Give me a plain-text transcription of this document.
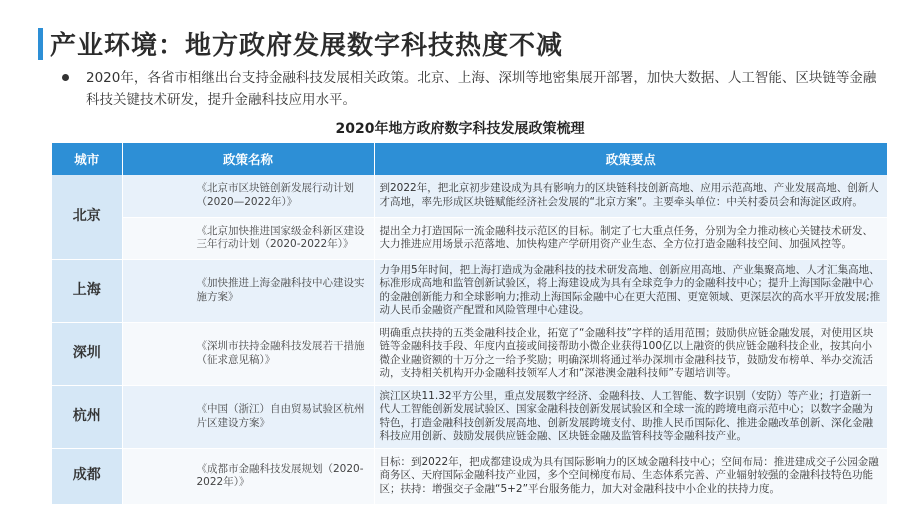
产业环境：地方政府发展数字科技热度不减
2020年，各省市相继出台支持金融科技发展相关政策。北京、上海、深圳等地密集展开部署，加快大数据、人工智能、区块链等金融科技关键技术研发，提升金融科技应用水平。
2020年地方政府数字科技发展政策梳理
城市	政策名称	政策要点
北京	《北京市区块链创新发展行动计划（2020—2022年）》	到2022年，把北京初步建设成为具有影响力的区块链科技创新高地、应用示范高地、产业发展高地、创新人才高地，率先形成区块链赋能经济社会发展的“北京方案”。主要牵头单位：中关村委员会和海淀区政府。
	《北京加快推进国家级金科新区建设三年行动计划（2020-2022年）》	提出全力打造国际一流金融科技示范区的目标。制定了七大重点任务，分别为全力推动核心关键技术研发、大力推进应用场景示范落地、加快构建产学研用资产业生态、全方位打造金融科技空间、加强风控等。
上海	《加快推进上海金融科技中心建设实施方案》	力争用5年时间，把上海打造成为金融科技的技术研发高地、创新应用高地、产业集聚高地、人才汇集高地、标准形成高地和监管创新试验区，将上海建设成为具有全球竞争力的金融科技中心；提升上海国际金融中心的金融创新能力和全球影响力;推动上海国际金融中心在更大范围、更宽领域、更深层次的高水平开放发展;推动人民币金融资产配置和风险管理中心建设。
深圳	《深圳市扶持金融科技发展若干措施（征求意见稿）》	明确重点扶持的五类金融科技企业，拓宽了“金融科技”字样的适用范围；鼓励供应链金融发展，对使用区块链等金融科技手段、年度内直接或间接帮助小微企业获得100亿以上融资的供应链金融科技企业，按其向小微企业融资额的十万分之一给予奖励；明确深圳将通过举办深圳市金融科技节，鼓励发布榜单、举办交流活动，支持相关机构开办金融科技领军人才和“深港澳金融科技师”专题培训等。
杭州	《中国（浙江）自由贸易试验区杭州片区建设方案》	滨江区块11.32平方公里，重点发展数字经济、金融科技、人工智能、数字识别（安防）等产业；打造新一代人工智能创新发展试验区、国家金融科技创新发展试验区和全球一流的跨境电商示范中心；以数字金融为特色，打造金融科技创新发展高地、创新发展跨境支付、助推人民币国际化、推进金融改革创新、深化金融科技应用创新、鼓励发展供应链金融、区块链金融及监管科技等金融科技产业。
成都	《成都市金融科技发展规划（2020-2022年）》	目标：到2022年，把成都建设成为具有国际影响力的区域金融科技中心；空间布局：推进建成交子公园金融商务区、天府国际金融科技产业园，多个空间梯度布局、生态体系完善、产业辐射较强的金融科技特色功能区；扶持：增强交子金融“5+2”平台服务能力，加大对金融科技中小企业的扶持力度。
